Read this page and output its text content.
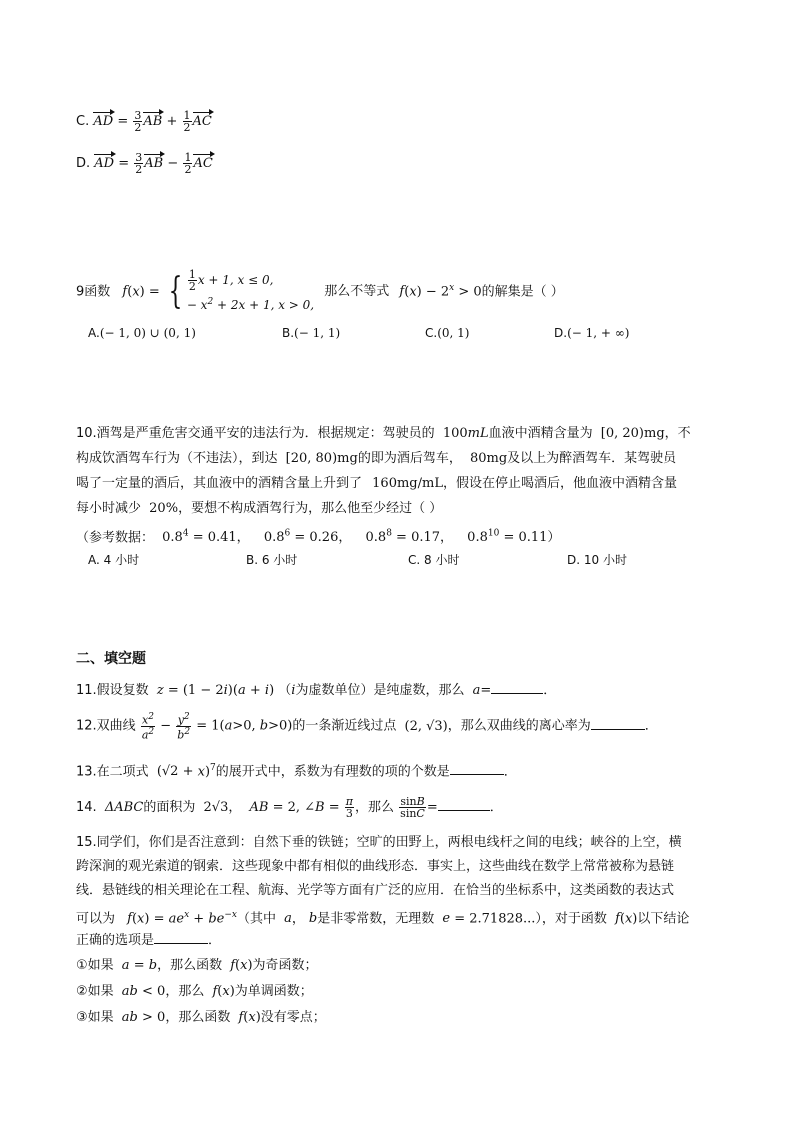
C. AD = $\frac{3}{2}$ AB + $\frac{1}{2}$ AC
D. AD = $\frac{3}{2}$ AB − $\frac{1}{2}$ AC
9函数 f(x) = { $\frac{1}{2}$ x + 1, x ≤ 0,
− $x^2 + 2x + 1$, x > 0,
那么不等式 $f(x) - 2^x > 0$的解集是（ ）
A.(− 1, 0) ∪ (0, 1)	B.(− 1, 1)	C.(0, 1)	D.(− 1, + ∞)
10.酒驾是严重危害交通平安的违法行为．根据规定：驾驶员的 100mL血液中酒精含量为 [0, 20)mg，不
构成饮酒驾车行为（不违法），到达 [20, 80)mg的即为酒后驾车， 80mg及以上为醉酒驾车．某驾驶员
喝了一定量的酒后，其血液中的酒精含量上升到了 160mg/mL，假设在停止喝酒后，他血液中酒精含量
每小时减少 20%，要想不构成酒驾行为，那么他至少经过（ ）
（参考数据： $0.8^4 = 0.41$， $0.8^6 = 0.26$， $0.8^8 = 0.17$， $0.8^{10} = 0.11$）
A. 4 小时	B. 6 小时	C. 8 小时	D. 10 小时
二、填空题
11.假设复数 z = (1 − 2i)(a + i) （i为虚数单位）是纯虚数，那么 a=	．
12.双曲线 $\frac{x^2}{a^2} - \frac{y^2}{b^2} = 1(a>0$, b>0)的一条渐近线过点 (2, √3)，那么双曲线的离心率为	．
13.在二项式 $(√2 + x)^7$的展开式中，系数为有理数的项的个数是	．
14. ΔABC的面积为 2√3， AB = 2, ∠B = $\frac{\pi}{3}$ ，那么 $\frac{\sin B}{\sin C}$ =	．
15.同学们，你们是否注意到：自然下垂的铁链；空旷的田野上，两根电线杆之间的电线；峡谷的上空，横
跨深涧的观光索道的钢索．这些现象中都有相似的曲线形态．事实上，这些曲线在数学上常常被称为悬链
线．悬链线的相关理论在工程、航海、光学等方面有广泛的应用．在恰当的坐标系中，这类函数的表达式
可以为 $f(x) = ae^x + be^{-x}$（其中 a， b是非零常数，无理数 e = 2.71828...），对于函数 f(x)以下结论
正确的选项是	．
①如果 a = b，那么函数 f(x)为奇函数；
②如果 ab < 0，那么 f(x)为单调函数；
③如果 ab > 0，那么函数 f(x)没有零点；
